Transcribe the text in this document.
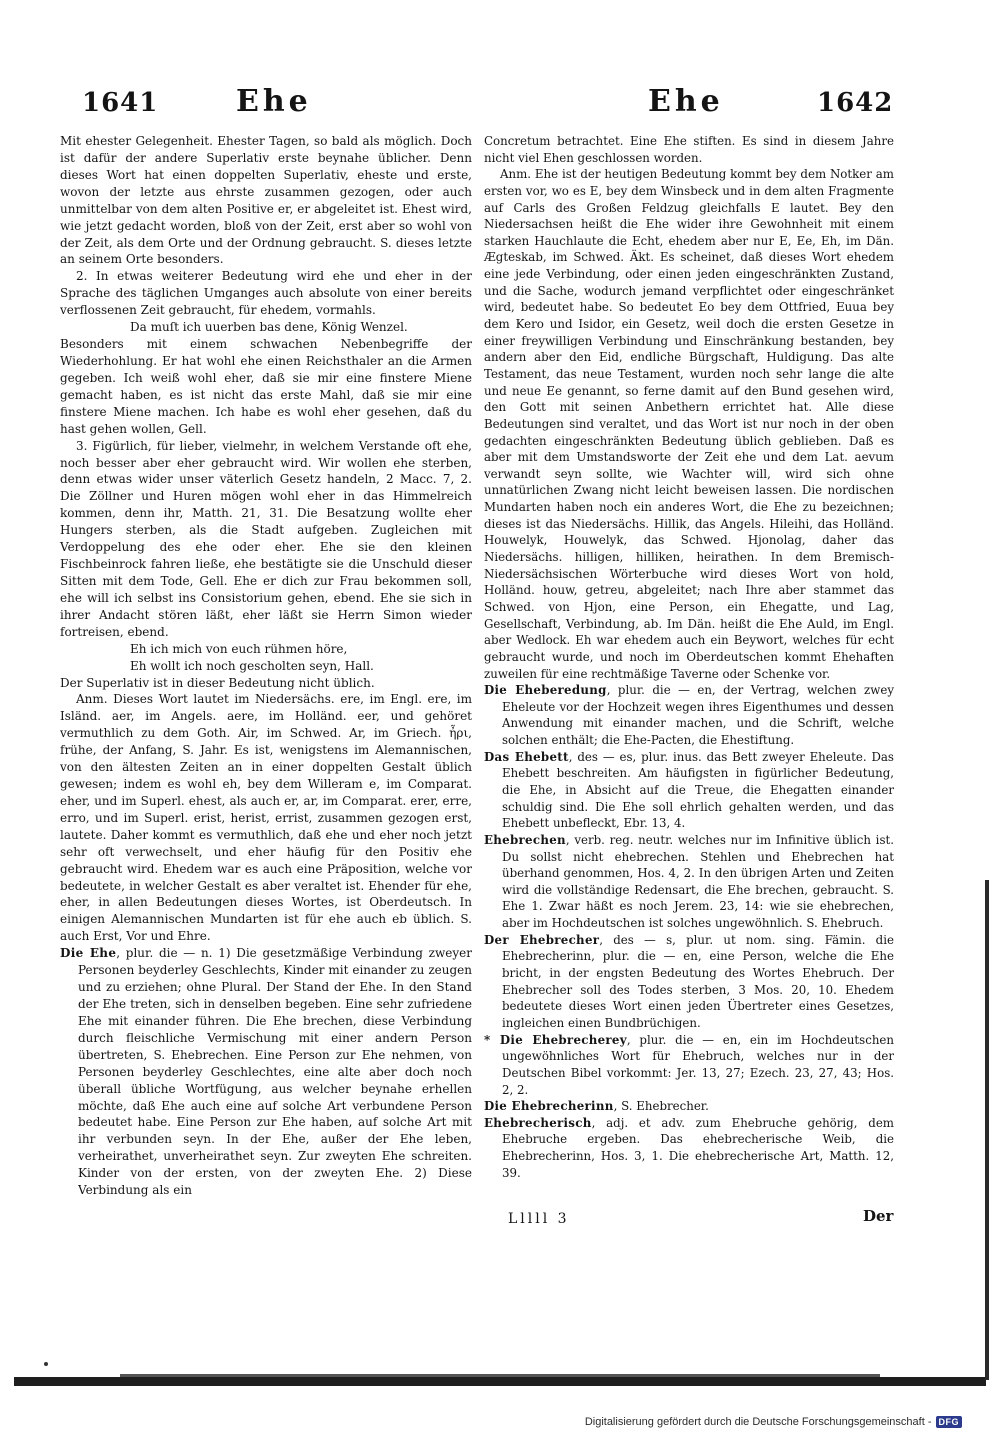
1641	Ehe	Ehe	1642

Mit ehester Gelegenheit. Ehester Tagen, so bald als möglich. Doch ist dafür der andere Superlativ erste beynahe üblicher. Denn dieses Wort hat einen doppelten Superlativ, eheste und erste, wovon der letzte aus ehrste zusammen gezogen, oder auch unmittelbar von dem alten Positive er, er abgeleitet ist. Ehest wird, wie jetzt gedacht worden, bloß von der Zeit, erst aber so wohl von der Zeit, als dem Orte und der Ordnung gebraucht. S. dieses letzte an seinem Orte besonders.

2. In etwas weiterer Bedeutung wird ehe und eher in der Sprache des täglichen Umganges auch absolute von einer bereits verflossenen Zeit gebraucht, für ehedem, vormahls.

Da muſt ich uuerben bas dene, König Wenzel.

Besonders mit einem schwachen Nebenbegriffe der Wiederhohlung. Er hat wohl ehe einen Reichsthaler an die Armen gegeben. Ich weiß wohl eher, daß sie mir eine finstere Miene gemacht haben, es ist nicht das erste Mahl, daß sie mir eine finstere Miene machen. Ich habe es wohl eher gesehen, daß du hast gehen wollen, Gell.

3. Figürlich, für lieber, vielmehr, in welchem Verstande oft ehe, noch besser aber eher gebraucht wird. Wir wollen ehe sterben, denn etwas wider unser väterlich Gesetz handeln, 2 Macc. 7, 2. Die Zöllner und Huren mögen wohl eher in das Himmelreich kommen, denn ihr, Matth. 21, 31. Die Besatzung wollte eher Hungers sterben, als die Stadt aufgeben. Zugleichen mit Verdoppelung des ehe oder eher. Ehe sie den kleinen Fischbeinrock fahren ließe, ehe bestätigte sie die Unschuld dieser Sitten mit dem Tode, Gell. Ehe er dich zur Frau bekommen soll, ehe will ich selbst ins Consistorium gehen, ebend. Ehe sie sich in ihrer Andacht stören läßt, eher läßt sie Herrn Simon wieder fortreisen, ebend.

Eh ich mich von euch rühmen höre,

Eh wollt ich noch gescholten seyn, Hall.

Der Superlativ ist in dieser Bedeutung nicht üblich.

Anm. Dieses Wort lautet im Niedersächs. ere, im Engl. ere, im Isländ. aer, im Angels. aere, im Holländ. eer, und gehöret vermuthlich zu dem Goth. Air, im Schwed. Ar, im Griech. ἦρι, frühe, der Anfang, S. Jahr. Es ist, wenigstens im Alemannischen, von den ältesten Zeiten an in einer doppelten Gestalt üblich gewesen; indem es wohl eh, bey dem Willeram e, im Comparat. eher, und im Superl. ehest, als auch er, ar, im Comparat. erer, erre, erro, und im Superl. erist, herist, errist, zusammen gezogen erst, lautete. Daher kommt es vermuthlich, daß ehe und eher noch jetzt sehr oft verwechselt, und eher häufig für den Positiv ehe gebraucht wird. Ehedem war es auch eine Präposition, welche vor bedeutete, in welcher Gestalt es aber veraltet ist. Ehender für ehe, eher, in allen Bedeutungen dieses Wortes, ist Oberdeutsch. In einigen Alemannischen Mundarten ist für ehe auch eb üblich. S. auch Erst, Vor und Ehre.

Die Ehe, plur. die — n. 1) Die gesetzmäßige Verbindung zweyer Personen beyderley Geschlechts, Kinder mit einander zu zeugen und zu erziehen; ohne Plural. Der Stand der Ehe. In den Stand der Ehe treten, sich in denselben begeben. Eine sehr zufriedene Ehe mit einander führen. Die Ehe brechen, diese Verbindung durch fleischliche Vermischung mit einer andern Person übertreten, S. Ehebrechen. Eine Person zur Ehe nehmen, von Personen beyderley Geschlechtes, eine alte aber doch noch überall übliche Wortfügung, aus welcher beynahe erhellen möchte, daß Ehe auch eine auf solche Art verbundene Person bedeutet habe. Eine Person zur Ehe haben, auf solche Art mit ihr verbunden seyn. In der Ehe, außer der Ehe leben, verheirathet, unverheirathet seyn. Zur zweyten Ehe schreiten. Kinder von der ersten, von der zweyten Ehe. 2) Diese Verbindung als ein

Concretum betrachtet. Eine Ehe stiften. Es sind in diesem Jahre nicht viel Ehen geschlossen worden.

Anm. Ehe ist der heutigen Bedeutung kommt bey dem Notker am ersten vor, wo es E, bey dem Winsbeck und in dem alten Fragmente auf Carls des Großen Feldzug gleichfalls E lautet. Bey den Niedersachsen heißt die Ehe wider ihre Gewohnheit mit einem starken Hauchlaute die Echt, ehedem aber nur E, Ee, Eh, im Dän. Ægteskab, im Schwed. Äkt. Es scheinet, daß dieses Wort ehedem eine jede Verbindung, oder einen jeden eingeschränkten Zustand, und die Sache, wodurch jemand verpflichtet oder eingeschränket wird, bedeutet habe. So bedeutet Eo bey dem Ottfried, Euua bey dem Kero und Isidor, ein Gesetz, weil doch die ersten Gesetze in einer freywilligen Verbindung und Einschränkung bestanden, bey andern aber den Eid, endliche Bürgschaft, Huldigung. Das alte Testament, das neue Testament, wurden noch sehr lange die alte und neue Ee genannt, so ferne damit auf den Bund gesehen wird, den Gott mit seinen Anbethern errichtet hat. Alle diese Bedeutungen sind veraltet, und das Wort ist nur noch in der oben gedachten eingeschränkten Bedeutung üblich geblieben. Daß es aber mit dem Umstandsworte der Zeit ehe und dem Lat. aevum verwandt seyn sollte, wie Wachter will, wird sich ohne unnatürlichen Zwang nicht leicht beweisen lassen. Die nordischen Mundarten haben noch ein anderes Wort, die Ehe zu bezeichnen; dieses ist das Niedersächs. Hillik, das Angels. Hileihi, das Holländ. Houwelyk, Houwelyk, das Schwed. Hjonolag, daher das Niedersächs. hilligen, hilliken, heirathen. In dem Bremisch-Niedersächsischen Wörterbuche wird dieses Wort von hold, Holländ. houw, getreu, abgeleitet; nach Ihre aber stammet das Schwed. von Hjon, eine Person, ein Ehegatte, und Lag, Gesellschaft, Verbindung, ab. Im Dän. heißt die Ehe Auld, im Engl. aber Wedlock. Eh war ehedem auch ein Beywort, welches für echt gebraucht wurde, und noch im Oberdeutschen kommt Ehehaften zuweilen für eine rechtmäßige Taverne oder Schenke vor.

Die Eheberedung, plur. die — en, der Vertrag, welchen zwey Eheleute vor der Hochzeit wegen ihres Eigenthumes und dessen Anwendung mit einander machen, und die Schrift, welche solchen enthält; die Ehe-Pacten, die Ehestiftung.

Das Ehebett, des — es, plur. inus. das Bett zweyer Eheleute. Das Ehebett beschreiten. Am häufigsten in figürlicher Bedeutung, die Ehe, in Absicht auf die Treue, die Ehegatten einander schuldig sind. Die Ehe soll ehrlich gehalten werden, und das Ehebett unbefleckt, Ebr. 13, 4.

Ehebrechen, verb. reg. neutr. welches nur im Infinitive üblich ist. Du sollst nicht ehebrechen. Stehlen und Ehebrechen hat überhand genommen, Hos. 4, 2. In den übrigen Arten und Zeiten wird die vollständige Redensart, die Ehe brechen, gebraucht. S. Ehe 1. Zwar häßt es noch Jerem. 23, 14: wie sie ehebrechen, aber im Hochdeutschen ist solches ungewöhnlich. S. Ehebruch.

Der Ehebrecher, des — s, plur. ut nom. sing. Fämin. die Ehebrecherinn, plur. die — en, eine Person, welche die Ehe bricht, in der engsten Bedeutung des Wortes Ehebruch. Der Ehebrecher soll des Todes sterben, 3 Mos. 20, 10. Ehedem bedeutete dieses Wort einen jeden Übertreter eines Gesetzes, ingleichen einen Bundbrüchigen.

* Die Ehebrecherey, plur. die — en, ein im Hochdeutschen ungewöhnliches Wort für Ehebruch, welches nur in der Deutschen Bibel vorkommt: Jer. 13, 27; Ezech. 23, 27, 43; Hos. 2, 2.

Die Ehebrecherinn, S. Ehebrecher.

Ehebrecherisch, adj. et adv. zum Ehebruche gehörig, dem Ehebruche ergeben. Das ehebrecherische Weib, die Ehebrecherinn, Hos. 3, 1. Die ehebrecherische Art, Matth. 12, 39.

Lllll 3	Der
Digitalisierung gefördert durch die Deutsche Forschungsgemeinschaft - DFG
